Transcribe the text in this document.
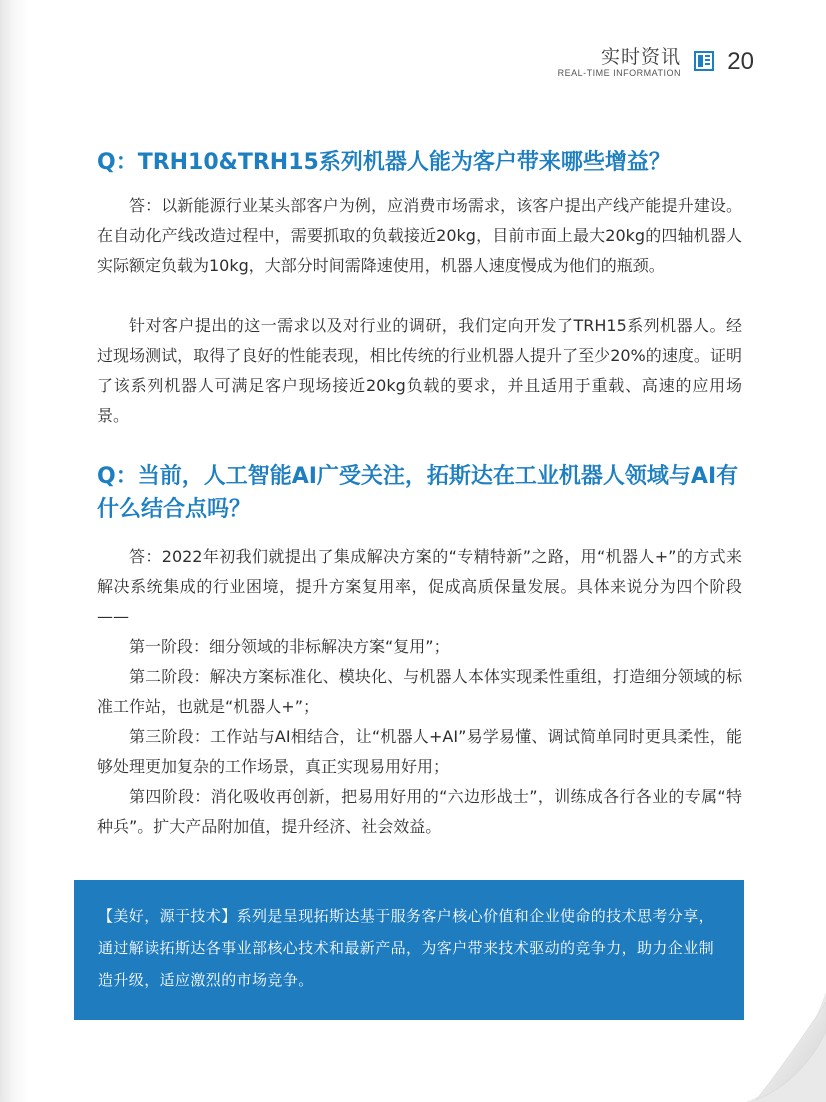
实时资讯
REAL-TIME INFORMATION 20
Q：TRH10&TRH15系列机器人能为客户带来哪些增益？

答：以新能源行业某头部客户为例，应消费市场需求，该客户提出产线产能提升建设。在自动化产线改造过程中，需要抓取的负载接近20kg，目前市面上最大20kg的四轴机器人实际额定负载为10kg，大部分时间需降速使用，机器人速度慢成为他们的瓶颈。

针对客户提出的这一需求以及对行业的调研，我们定向开发了TRH15系列机器人。经过现场测试，取得了良好的性能表现，相比传统的行业机器人提升了至少20%的速度。证明了该系列机器人可满足客户现场接近20kg负载的要求，并且适用于重载、高速的应用场景。

Q：当前，人工智能AI广受关注，拓斯达在工业机器人领域与AI有什么结合点吗？

答：2022年初我们就提出了集成解决方案的“专精特新”之路，用“机器人+”的方式来解决系统集成的行业困境，提升方案复用率，促成高质保量发展。具体来说分为四个阶段——

第一阶段：细分领域的非标解决方案“复用”；

第二阶段：解决方案标准化、模块化、与机器人本体实现柔性重组，打造细分领域的标准工作站，也就是“机器人+”；

第三阶段：工作站与AI相结合，让“机器人+AI”易学易懂、调试简单同时更具柔性，能够处理更加复杂的工作场景，真正实现易用好用；

第四阶段：消化吸收再创新，把易用好用的“六边形战士”，训练成各行各业的专属“特种兵”。扩大产品附加值，提升经济、社会效益。

【美好，源于技术】系列是呈现拓斯达基于服务客户核心价值和企业使命的技术思考分享，通过解读拓斯达各事业部核心技术和最新产品，为客户带来技术驱动的竞争力，助力企业制造升级，适应激烈的市场竞争。
